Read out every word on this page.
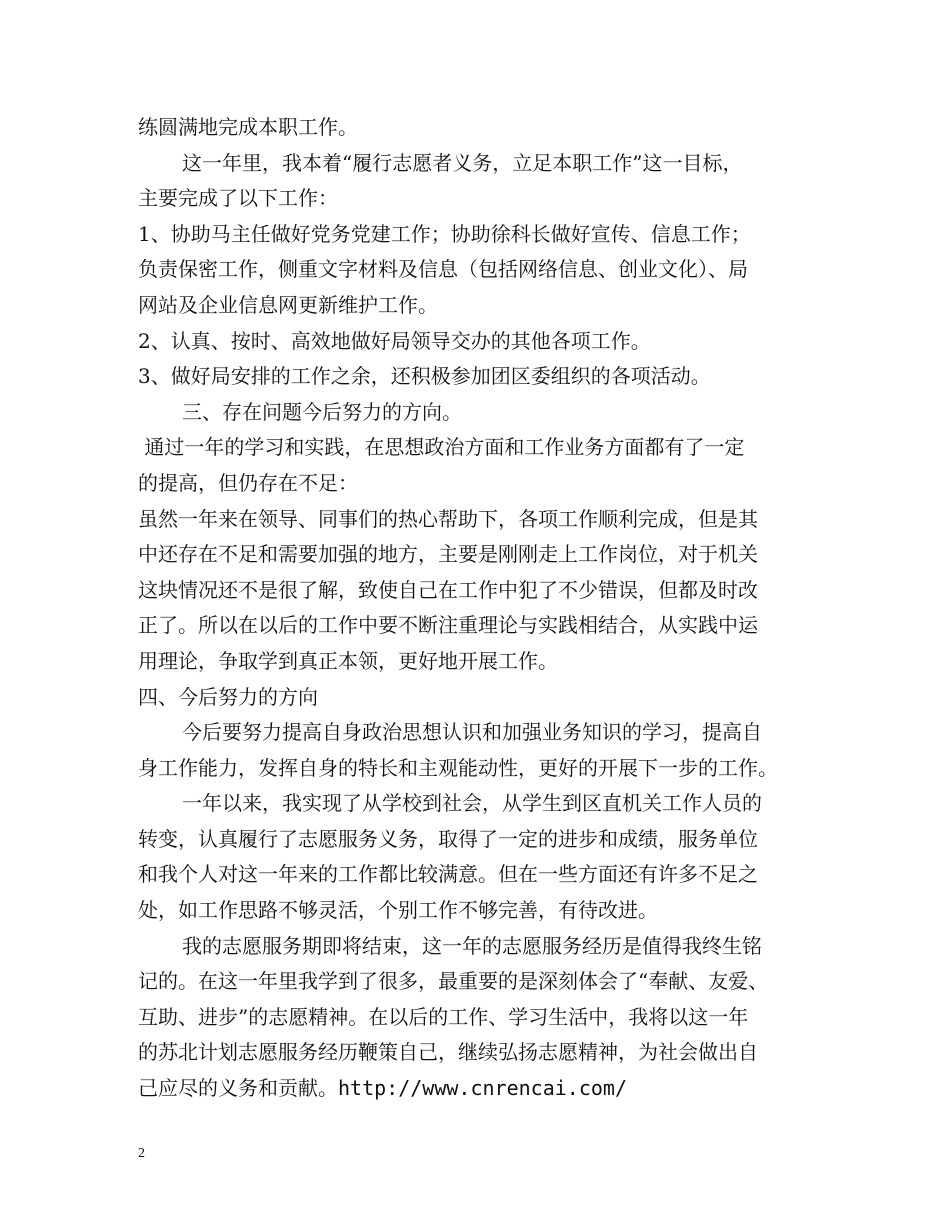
练圆满地完成本职工作。
这一年里，我本着“履行志愿者义务，立足本职工作”这一目标，
主要完成了以下工作：
1、协助马主任做好党务党建工作；协助徐科长做好宣传、信息工作；
负责保密工作，侧重文字材料及信息（包括网络信息、创业文化）、局
网站及企业信息网更新维护工作。
2、认真、按时、高效地做好局领导交办的其他各项工作。
3、做好局安排的工作之余，还积极参加团区委组织的各项活动。
三、存在问题今后努力的方向。
通过一年的学习和实践，在思想政治方面和工作业务方面都有了一定
的提高，但仍存在不足：
虽然一年来在领导、同事们的热心帮助下，各项工作顺利完成，但是其
中还存在不足和需要加强的地方，主要是刚刚走上工作岗位，对于机关
这块情况还不是很了解，致使自己在工作中犯了不少错误，但都及时改
正了。所以在以后的工作中要不断注重理论与实践相结合，从实践中运
用理论，争取学到真正本领，更好地开展工作。
四、今后努力的方向
今后要努力提高自身政治思想认识和加强业务知识的学习，提高自
身工作能力，发挥自身的特长和主观能动性，更好的开展下一步的工作。
一年以来，我实现了从学校到社会，从学生到区直机关工作人员的
转变，认真履行了志愿服务义务，取得了一定的进步和成绩，服务单位
和我个人对这一年来的工作都比较满意。但在一些方面还有许多不足之
处，如工作思路不够灵活，个别工作不够完善，有待改进。
我的志愿服务期即将结束，这一年的志愿服务经历是值得我终生铭
记的。在这一年里我学到了很多，最重要的是深刻体会了“奉献、友爱、
互助、进步”的志愿精神。在以后的工作、学习生活中，我将以这一年
的苏北计划志愿服务经历鞭策自己，继续弘扬志愿精神，为社会做出自
己应尽的义务和贡献。http://www.cnrencai.com/
2
